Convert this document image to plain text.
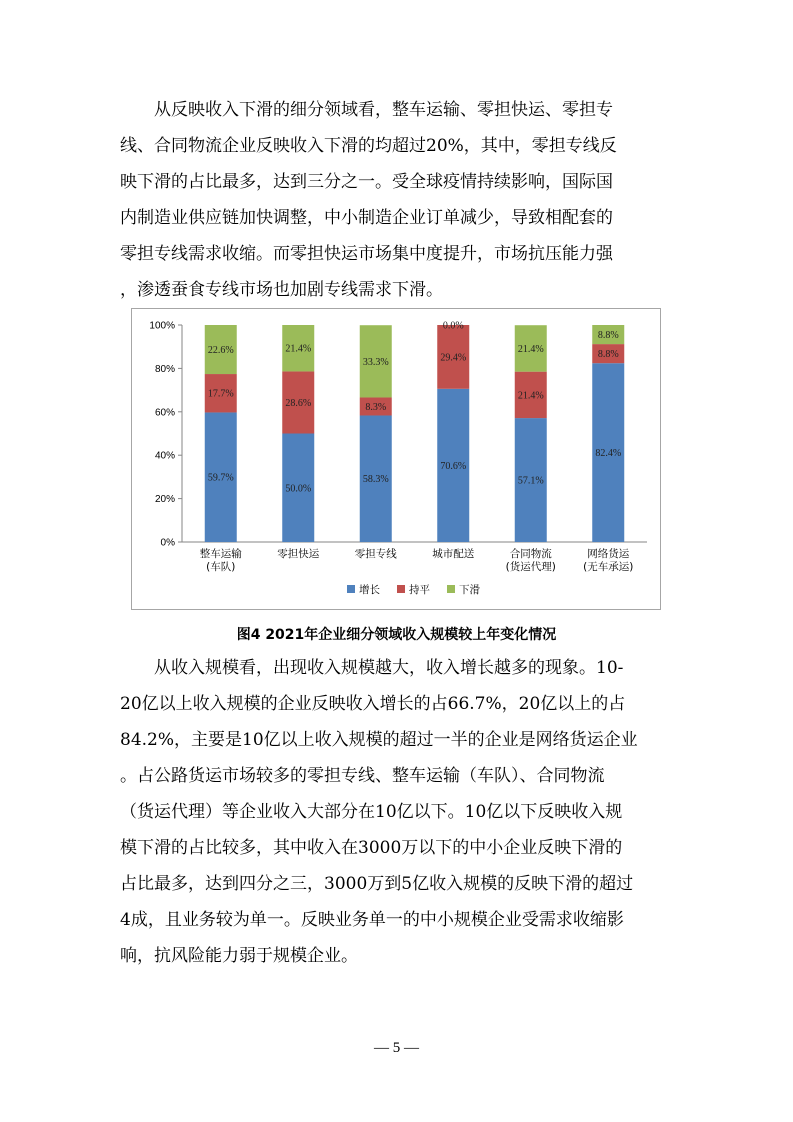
从反映收入下滑的细分领域看，整车运输、零担快运、零担专
线、合同物流企业反映收入下滑的均超过20%，其中，零担专线反
映下滑的占比最多，达到三分之一。受全球疫情持续影响，国际国
内制造业供应链加快调整，中小制造企业订单减少，导致相配套的
零担专线需求收缩。而零担快运市场集中度提升，市场抗压能力强
，渗透蚕食专线市场也加剧专线需求下滑。
0%
20%
40%
60%
80%
100%
59.7%
17.7%
22.6%
整车运输
(车队)
50.0%
28.6%
21.4%
零担快运
58.3%
8.3%
33.3%
零担专线
70.6%
29.4%
0.0%
城市配送
57.1%
21.4%
21.4%
合同物流
(货运代理)
82.4%
8.8%
8.8%
网络货运
(无车承运)
增长	持平	下滑
图4 2021年企业细分领域收入规模较上年变化情况
从收入规模看，出现收入规模越大，收入增长越多的现象。10-
20亿以上收入规模的企业反映收入增长的占66.7%，20亿以上的占
84.2%，主要是10亿以上收入规模的超过一半的企业是网络货运企业
。占公路货运市场较多的零担专线、整车运输（车队）、合同物流
（货运代理）等企业收入大部分在10亿以下。10亿以下反映收入规
模下滑的占比较多，其中收入在3000万以下的中小企业反映下滑的
占比最多，达到四分之三，3000万到5亿收入规模的反映下滑的超过
4成，且业务较为单一。反映业务单一的中小规模企业受需求收缩影
响，抗风险能力弱于规模企业。
— 5 —
